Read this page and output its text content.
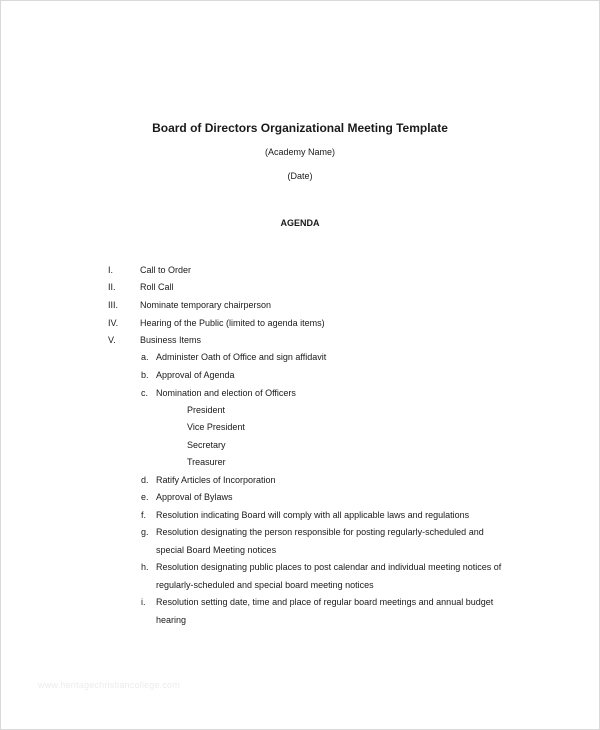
Board of Directors Organizational Meeting Template
(Academy Name)
(Date)
AGENDA
I.	Call to Order
II.	Roll Call
III. Nominate temporary chairperson
IV. Hearing of the Public (limited to agenda items)
V.	Business Items
a. Administer Oath of Office and sign affidavit
b. Approval of Agenda
c. Nomination and election of Officers
President
Vice President
Secretary
Treasurer
d. Ratify Articles of Incorporation
e. Approval of Bylaws
f. Resolution indicating Board will comply with all applicable laws and regulations
g. Resolution designating the person responsible for posting regularly-scheduled and
special Board Meeting notices
h. Resolution designating public places to post calendar and individual meeting notices of
regularly-scheduled and special board meeting notices
i. Resolution setting date, time and place of regular board meetings and annual budget
hearing
www.heritagechristiancollege.com
